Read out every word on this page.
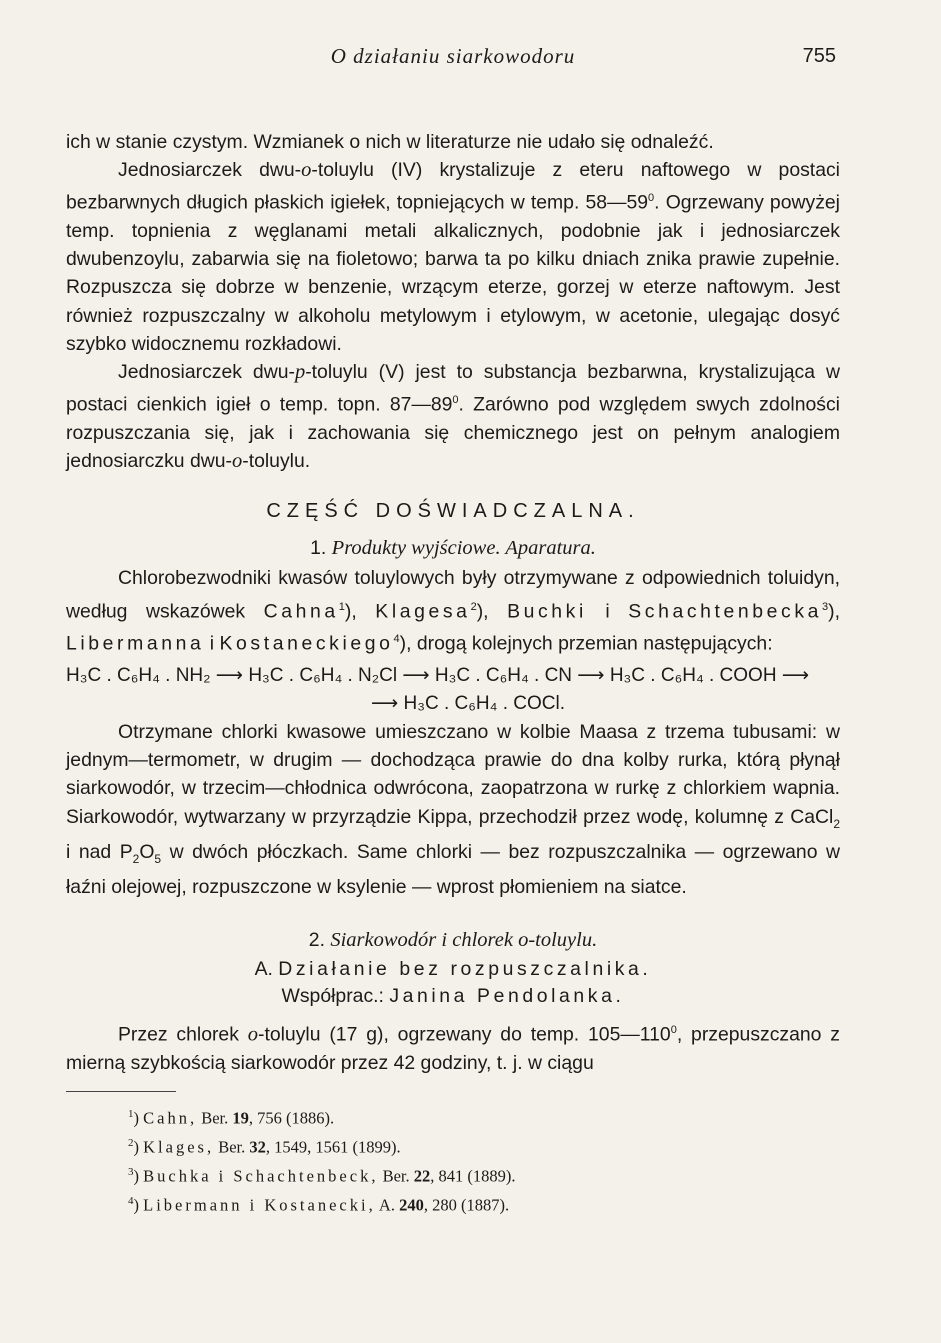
O działaniu siarkowodoru	755

ich w stanie czystym. Wzmianek o nich w literaturze nie udało się odnaleźć.

Jednosiarczek dwu-o-toluylu (IV) krystalizuje z eteru naftowego w postaci bezbarwnych długich płaskich igiełek, topniejących w temp. $58—59^0$. Ogrzewany powyżej temp. topnienia z węglanami metali alkalicznych, podobnie jak i jednosiarczek dwubenzoylu, zabarwia się na fioletowo; barwa ta po kilku dniach znika prawie zupełnie. Rozpuszcza się dobrze w benzenie, wrzącym eterze, gorzej w eterze naftowym. Jest również rozpuszczalny w alkoholu metylowym i etylowym, w acetonie, ulegając dosyć szybko widocznemu rozkładowi.

Jednosiarczek dwu-p-toluylu (V) jest to substancja bezbarwna, krystalizująca w postaci cienkich igieł o temp. topn. $87—89^0$. Zarówno pod względem swych zdolności rozpuszczania się, jak i zachowania się chemicznego jest on pełnym analogiem jednosiarczku dwu-o-toluylu.

CZĘŚĆ DOŚWIADCZALNA.

1. Produkty wyjściowe. Aparatura.

Chlorobezwodniki kwasów toluylowych były otrzymywane z odpowiednich toluidyn, według wskazówek Cahna$^1$), Klagesa$^2$), Buchki i Schachtenbecka$^3$), Libermanna i Kostaneckiego$^4$), drogą kolejnych przemian następujących:

H₃C . C₆H₄ . NH₂ ⟶ H₃C . C₆H₄ . N₂Cl ⟶ H₃C . C₆H₄ . CN ⟶ H₃C . C₆H₄ . COOH ⟶

⟶ H₃C . C₆H₄ . COCl.

Otrzymane chlorki kwasowe umieszczano w kolbie Maasa z trzema tubusami: w jednym—termometr, w drugim — dochodząca prawie do dna kolby rurka, którą płynął siarkowodór, w trzecim—chłodnica odwrócona, zaopatrzona w rurkę z chlorkiem wapnia. Siarkowodór, wytwarzany w przyrządzie Kippa, przechodził przez wodę, kolumnę z CaCl$_2$ i nad $P_2O_5$ w dwóch płóczkach. Same chlorki — bez rozpuszczalnika — ogrzewano w łaźni olejowej, rozpuszczone w ksylenie — wprost płomieniem na siatce.

2. Siarkowodór i chlorek o-toluylu.

A. Działanie bez rozpuszczalnika.

Współprac.: Janina Pendolanka.

Przez chlorek o-toluylu (17 g), ogrzewany do temp. $105—110^0$, przepuszczano z mierną szybkością siarkowodór przez 42 godziny, t. j. w ciągu

$^1$) Cahn, Ber. 19, 756 (1886).
$^2$) Klages, Ber. 32, 1549, 1561 (1899).
$^3$) Buchka i Schachtenbeck, Ber. 22, 841 (1889).
$^4$) Libermann i Kostanecki, A. 240, 280 (1887).
